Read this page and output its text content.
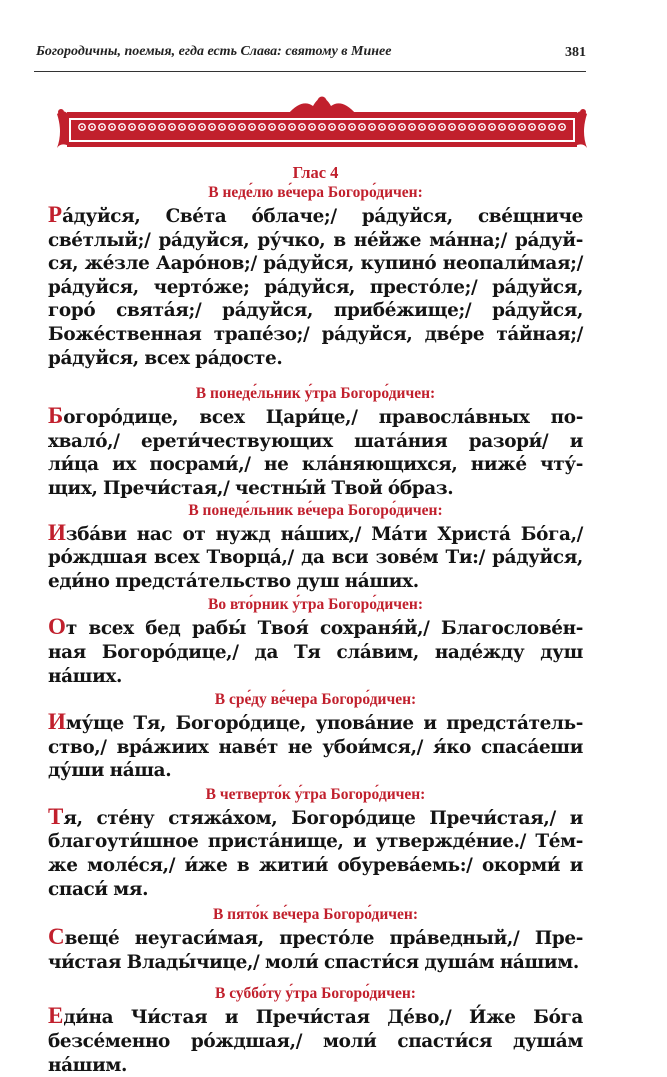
Богородичны, поемыя, егда есть Слава: святому в Минее	381
Глас 4
В неде́лю ве́чера Богоро́дичен:
Ра́дуйся, Све́та о́блаче;/ ра́дуйся, све́щниче
све́тлый;/ ра́дуйся, ру́чко, в не́йже ма́нна;/ ра́дуй-
ся, же́зле Ааро́нов;/ ра́дуйся, купино́ неопали́мая;/
ра́дуйся, черто́же; ра́дуйся, престо́ле;/ ра́дуйся,
горо́ свята́я;/ ра́дуйся, прибе́жище;/ ра́дуйся,
Боже́ственная трапе́зо;/ ра́дуйся, две́ре та́йная;/
ра́дуйся, всех ра́досте.
В понеде́льник у́тра Богоро́дичен:
Богоро́дице, всех Цари́це,/ правосла́вных по-
хвало́,/ ерети́чествующих шата́ния разори́/ и
ли́ца их посрами́,/ не кла́няющихся, ниже́ чту́-
щих, Пречи́стая,/ честны́й Твой о́браз.
В понеде́льник ве́чера Богоро́дичен:
Изба́ви нас от нужд на́ших,/ Ма́ти Христа́ Бо́га,/
ро́ждшая всех Творца́,/ да вси зове́м Ти:/ ра́дуйся,
еди́но предста́тельство душ на́ших.
Во вто́рник у́тра Богоро́дичен:
От всех бед рабы́ Твоя́ сохраня́й,/ Благослове́н-
ная Богоро́дице,/ да Тя сла́вим, наде́жду душ
на́ших.
В сре́ду ве́чера Богоро́дичен:
Иму́ще Тя, Богоро́дице, упова́ние и предста́тель-
ство,/ вра́жиих наве́т не убои́мся,/ я́ко спаса́еши
ду́ши на́ша.
В четверто́к у́тра Богоро́дичен:
Тя, сте́ну стяжа́хом, Богоро́дице Пречи́стая,/ и
благоути́шное приста́нище, и утвержде́ние./ Те́м-
же моле́ся,/ и́же в житии́ обурева́емь:/ окорми́ и
спаси́ мя.
В пято́к ве́чера Богоро́дичен:
Свеще́ неугаси́мая, престо́ле пра́ведный,/ Пре-
чи́стая Влады́чице,/ моли́ спасти́ся душа́м на́шим.
В суббо́ту у́тра Богоро́дичен:
Еди́на Чи́стая и Пречи́стая Де́во,/ И́же Бо́га
безсе́менно ро́ждшая,/ моли́ спасти́ся душа́м
на́шим.
